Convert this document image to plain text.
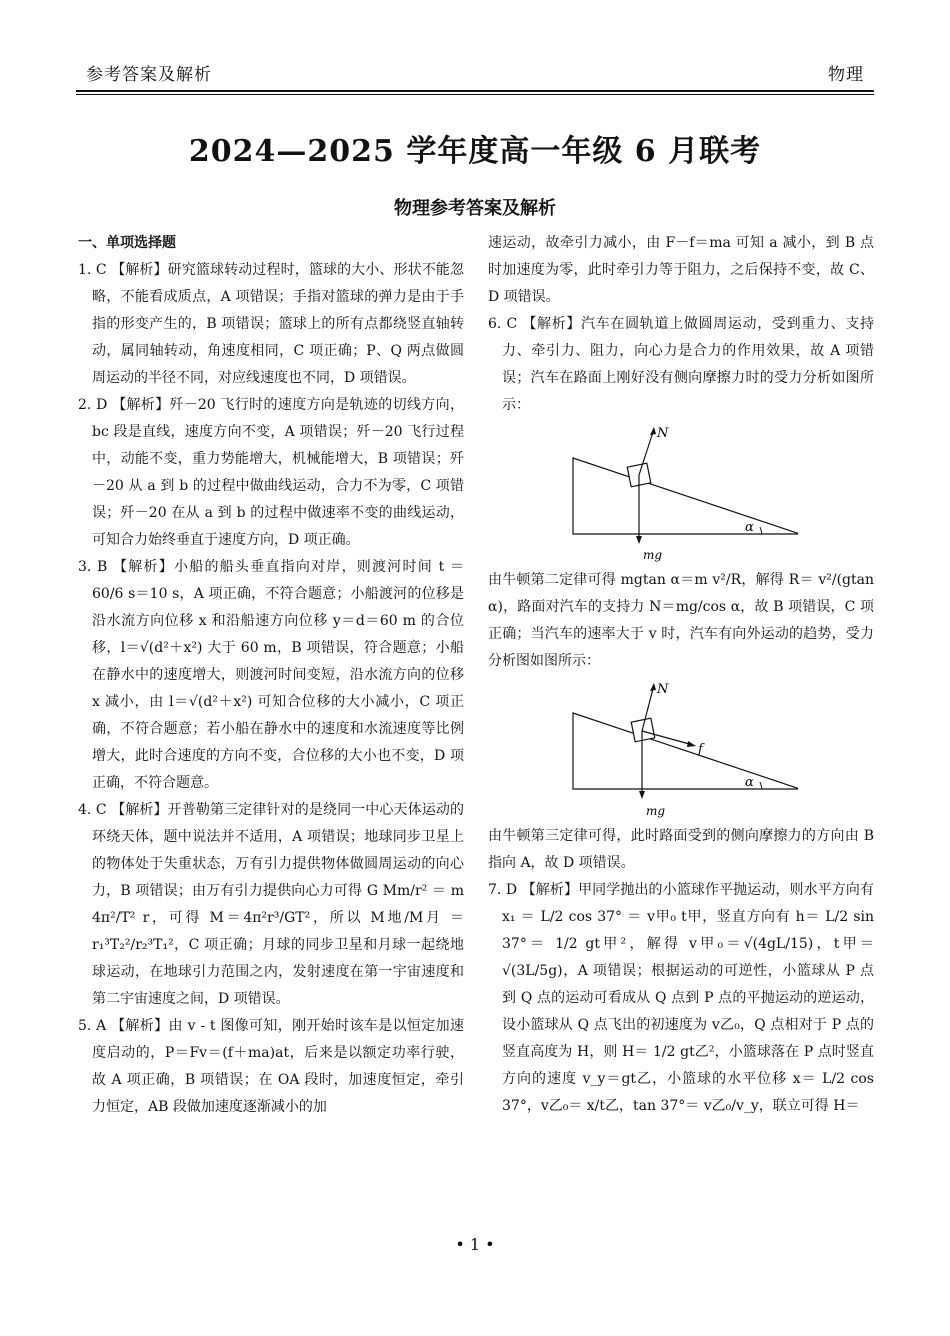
参考答案及解析	物理
2024—2025 学年度高一年级 6 月联考
物理参考答案及解析

一、单项选择题

1. C 【解析】研究篮球转动过程时，篮球的大小、形状不能忽略，不能看成质点，A 项错误；手指对篮球的弹力是由于手指的形变产生的，B 项错误；篮球上的所有点都绕竖直轴转动，属同轴转动，角速度相同，C 项正确；P、Q 两点做圆周运动的半径不同，对应线速度也不同，D 项错误。

2. D 【解析】歼－20 飞行时的速度方向是轨迹的切线方向，bc 段是直线，速度方向不变，A 项错误；歼－20 飞行过程中，动能不变，重力势能增大，机械能增大，B 项错误；歼－20 从 a 到 b 的过程中做曲线运动，合力不为零，C 项错误；歼－20 在从 a 到 b 的过程中做速率不变的曲线运动，可知合力始终垂直于速度方向，D 项正确。

3. B 【解析】小船的船头垂直指向对岸，则渡河时间 t ＝ 60/6 s＝10 s，A 项正确，不符合题意；小船渡河的位移是沿水流方向位移 x 和沿船速方向位移 y＝d＝60 m 的合位移，l＝√(d²＋x²) 大于 60 m，B 项错误，符合题意；小船在静水中的速度增大，则渡河时间变短，沿水流方向的位移 x 减小，由 l＝√(d²＋x²) 可知合位移的大小减小，C 项正确，不符合题意；若小船在静水中的速度和水流速度等比例增大，此时合速度的方向不变，合位移的大小也不变，D 项正确，不符合题意。

4. C 【解析】开普勒第三定律针对的是绕同一中心天体运动的环绕天体，题中说法并不适用，A 项错误；地球同步卫星上的物体处于失重状态，万有引力提供物体做圆周运动的向心力，B 项错误；由万有引力提供向心力可得 G Mm/r² ＝ m 4π²/T² r，可得 M＝4π²r³/GT²，所以 M地/M月 ＝ r₁³T₂²/r₂³T₁²，C 项正确；月球的同步卫星和月球一起绕地球运动，在地球引力范围之内，发射速度在第一宇宙速度和第二宇宙速度之间，D 项错误。

5. A 【解析】由 v - t 图像可知，刚开始时该车是以恒定加速度启动的，P＝Fv＝(f＋ma)at，后来是以额定功率行驶，故 A 项正确，B 项错误；在 OA 段时，加速度恒定，牵引力恒定，AB 段做加速度逐渐减小的加

速运动，故牵引力减小，由 F－f＝ma 可知 a 减小，到 B 点时加速度为零，此时牵引力等于阻力，之后保持不变，故 C、D 项错误。

6. C 【解析】汽车在圆轨道上做圆周运动，受到重力、支持力、牵引力、阻力，向心力是合力的作用效果，故 A 项错误；汽车在路面上刚好没有侧向摩擦力时的受力分析如图所示：

N
mg
α

由牛顿第二定律可得 mgtan α＝m v²/R，解得 R＝ v²/(gtan α)，路面对汽车的支持力 N＝mg/cos α，故 B 项错误，C 项正确；当汽车的速率大于 v 时，汽车有向外运动的趋势，受力分析图如图所示：

N
mg
f
α

由牛顿第三定律可得，此时路面受到的侧向摩擦力的方向由 B 指向 A，故 D 项错误。

7. D 【解析】甲同学抛出的小篮球作平抛运动，则水平方向有 x₁ ＝ L/2 cos 37° ＝ v甲₀ t甲，竖直方向有 h＝ L/2 sin 37°＝ 1/2 gt甲²，解得 v甲₀＝√(4gL/15)，t甲＝√(3L/5g)，A 项错误；根据运动的可逆性，小篮球从 P 点到 Q 点的运动可看成从 Q 点到 P 点的平抛运动的逆运动，设小篮球从 Q 点飞出的初速度为 v乙₀，Q 点相对于 P 点的竖直高度为 H，则 H＝ 1/2 gt乙²，小篮球落在 P 点时竖直方向的速度 v_y＝gt乙，小篮球的水平位移 x＝ L/2 cos 37°，v乙₀＝ x/t乙，tan 37°＝ v乙₀/v_y，联立可得 H＝

• 1 •
